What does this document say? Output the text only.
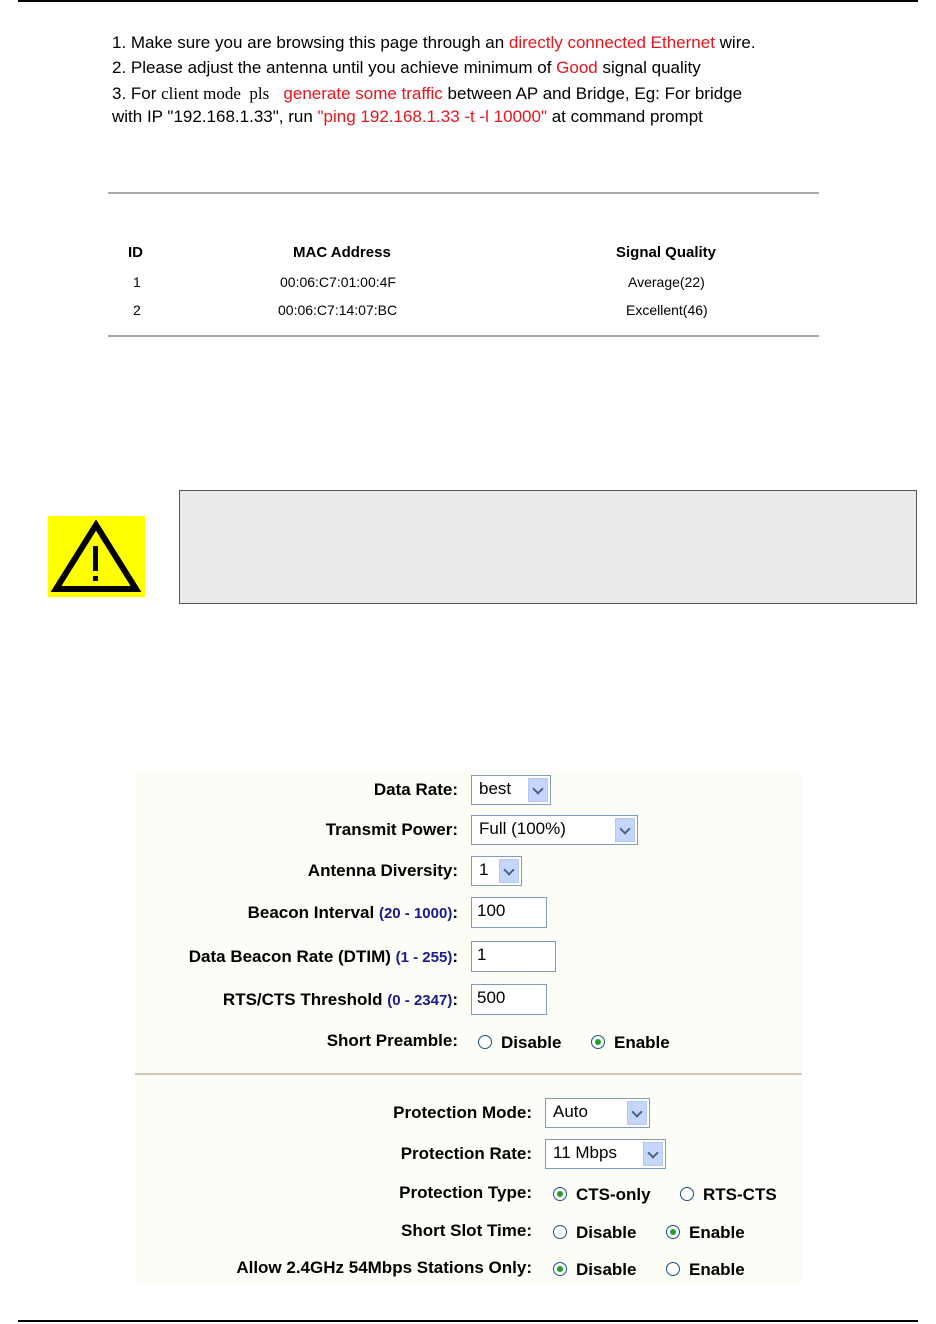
1. Make sure you are browsing this page through an directly connected Ethernet wire.
2. Please adjust the antenna until you achieve minimum of Good signal quality
3. For client mode  pls generate some traffic between AP and Bridge, Eg: For bridge
with IP "192.168.1.33", run "ping 192.168.1.33 -t -l 10000" at command prompt
ID	MAC Address	Signal Quality
1	00:06:C7:01:00:4F	Average(22)
2	00:06:C7:14:07:BC	Excellent(46)
Data Rate: best
Transmit Power: Full (100%)
Antenna Diversity: 1
Beacon Interval (20 - 1000): 100
Data Beacon Rate (DTIM) (1 - 255): 1
RTS/CTS Threshold (0 - 2347): 500
Short Preamble:	Disable	Enable
Protection Mode: Auto
Protection Rate: 11 Mbps
Protection Type:	CTS-only	RTS-CTS
Short Slot Time:	Disable	Enable
Allow 2.4GHz 54Mbps Stations Only:	Disable	Enable
